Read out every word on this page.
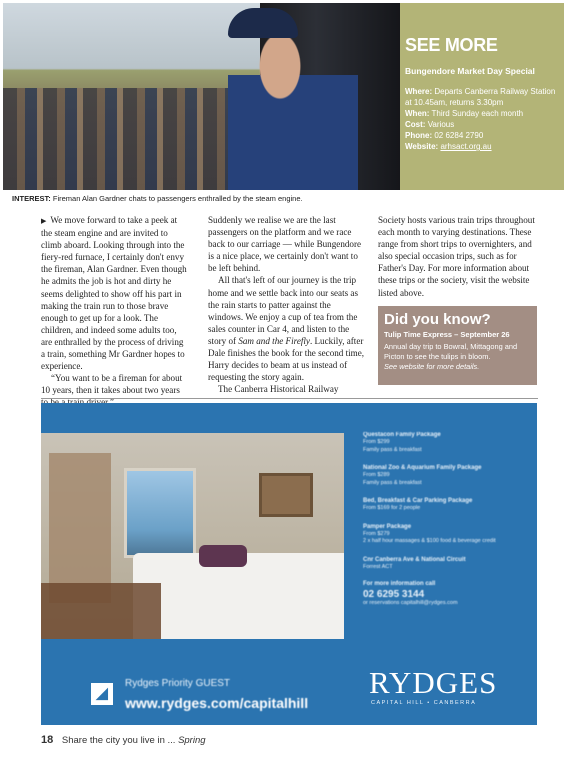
SEE MORE
Bungendore Market Day Special
Where: Departs Canberra Railway Station at 10.45am, returns 3.30pm
When: Third Sunday each month
Cost: Various
Phone: 02 6284 2790
Website: arhsact.org.au
INTEREST: Fireman Alan Gardner chats to passengers enthralled by the steam engine.

▶ We move forward to take a peek at the steam engine and are invited to climb aboard. Looking through into the fiery-red furnace, I certainly don't envy the fireman, Alan Gardner. Even though he admits the job is hot and dirty he seems delighted to show off his part in making the train run to those brave enough to get up for a look. The children, and indeed some adults too, are enthralled by the process of driving a train, something Mr Gardner hopes to experience.

“You want to be a fireman for about 10 years, then it takes about two years

Suddenly we realise we are the last passengers on the platform and we race back to our carriage — while Bungendore is a nice place, we certainly don't want to be left behind.

All that's left of our journey is the trip home and we settle back into our seats as the rain starts to patter against the windows. We enjoy a cup of tea from the sales counter in Car 4, and listen to the story of Sam and the Firefly. Luckily, after Dale finishes the book for the second time, Harry decides to beam at us instead of requesting the story again.

The Canberra Historical Railway

Society hosts various train trips throughout each month to varying destinations. These range from short trips to overnighters, and also special occasion trips, such as for Father's Day. For more information about these trips or the society, visit the website listed above.

Did you know?
Tulip Time Express – September 26
Annual day trip to Bowral, Mittagong and Picton to see the tulips in bloom.
See website for more details.
Questacon Family Package
From $299
Family pass & breakfast
National Zoo & Aquarium Family Package
From $289
Family pass & breakfast
Bed, Breakfast & Car Parking Package
From $169 for 2 people
Pamper Package
From $279
2 x half hour massages & $100 food & beverage credit
Cnr Canberra Ave & National Circuit
Forrest ACT
For more information call
02 6295 3144
or reservations capitalhill@rydges.com
◢
Rydges Priority GUEST
www.rydges.com/capitalhill
RYDGES
CAPITAL HILL • CANBERRA
18 Share the city you live in ... Spring
